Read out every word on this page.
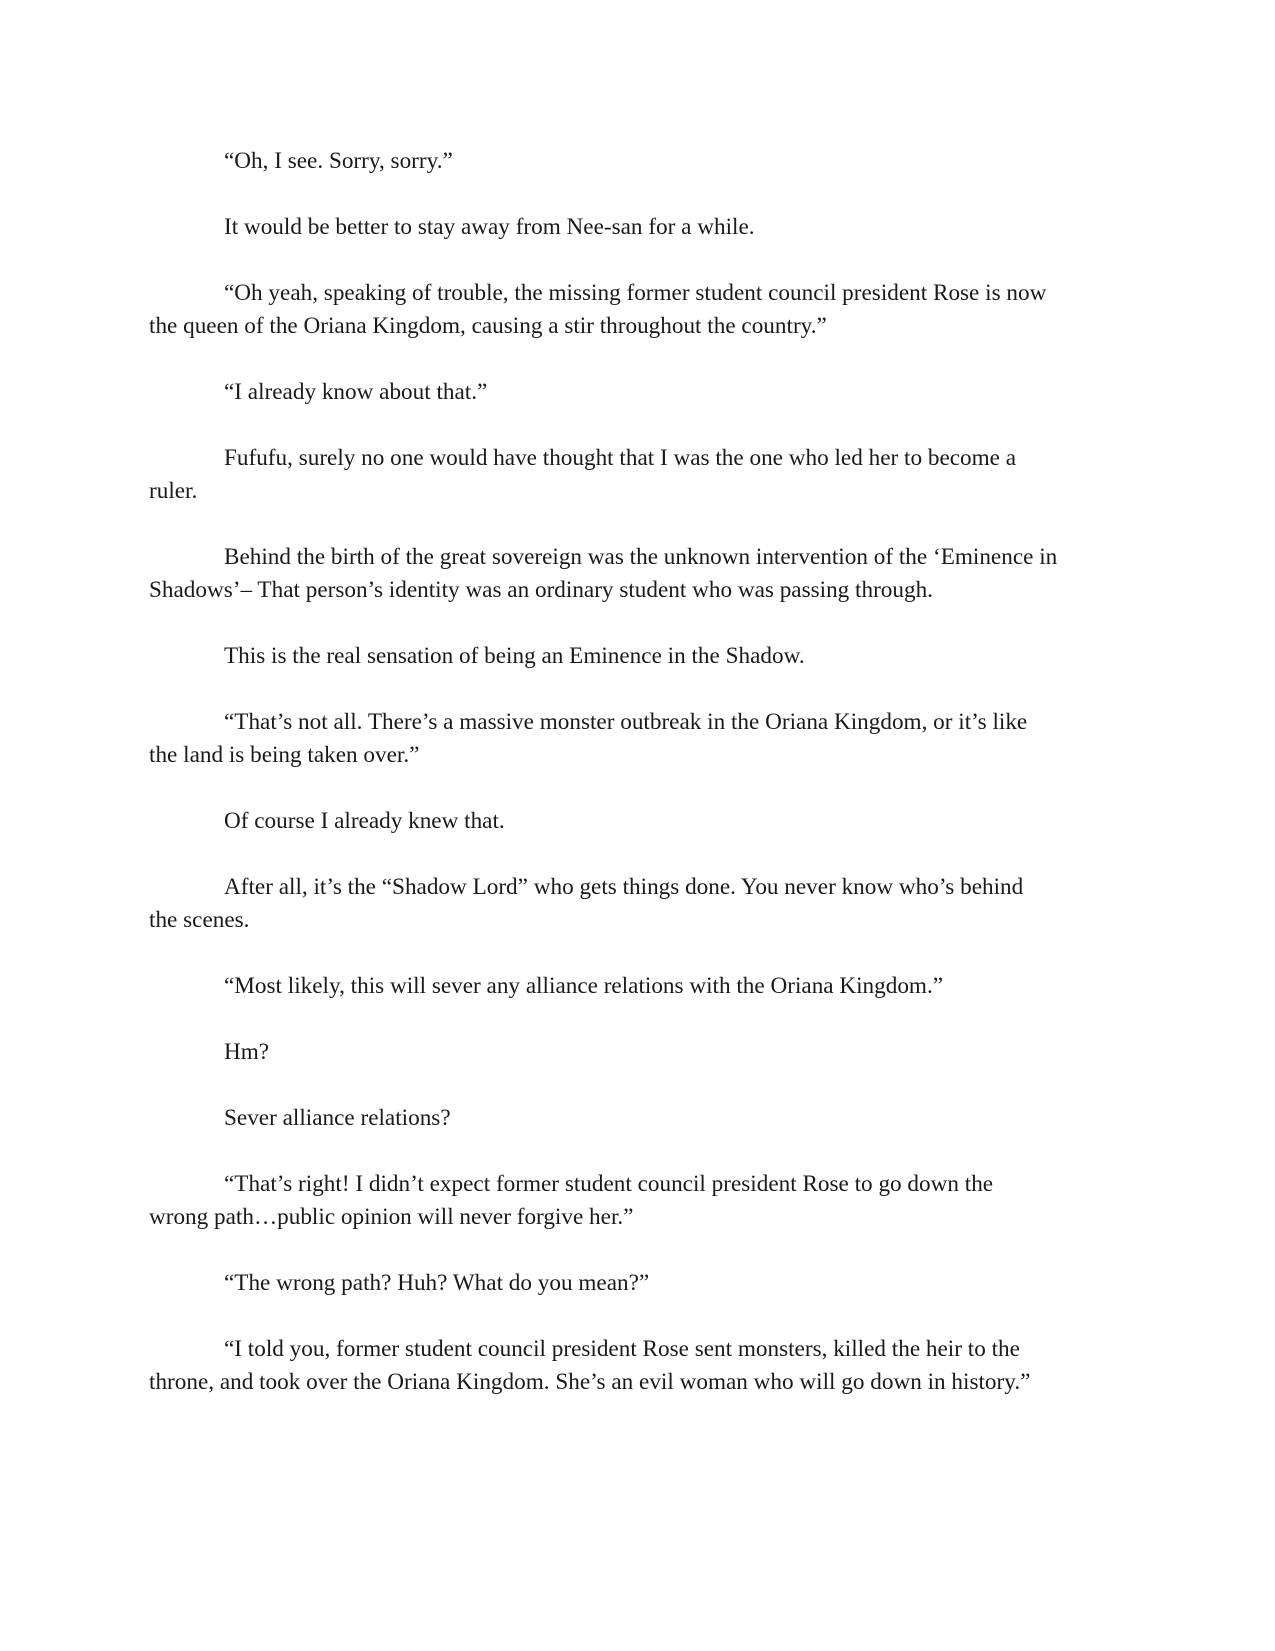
“Oh, I see. Sorry, sorry.”

It would be better to stay away from Nee-san for a while.

“Oh yeah, speaking of trouble, the missing former student council president Rose is now
the queen of the Oriana Kingdom, causing a stir throughout the country.”

“I already know about that.”

Fufufu, surely no one would have thought that I was the one who led her to become a
ruler.

Behind the birth of the great sovereign was the unknown intervention of the ‘Eminence in
Shadows’– That person’s identity was an ordinary student who was passing through.

This is the real sensation of being an Eminence in the Shadow.

“That’s not all. There’s a massive monster outbreak in the Oriana Kingdom, or it’s like
the land is being taken over.”

Of course I already knew that.

After all, it’s the “Shadow Lord” who gets things done. You never know who’s behind
the scenes.

“Most likely, this will sever any alliance relations with the Oriana Kingdom.”

Hm?

Sever alliance relations?

“That’s right! I didn’t expect former student council president Rose to go down the
wrong path…public opinion will never forgive her.”

“The wrong path? Huh? What do you mean?”

“I told you, former student council president Rose sent monsters, killed the heir to the
throne, and took over the Oriana Kingdom. She’s an evil woman who will go down in history.”
